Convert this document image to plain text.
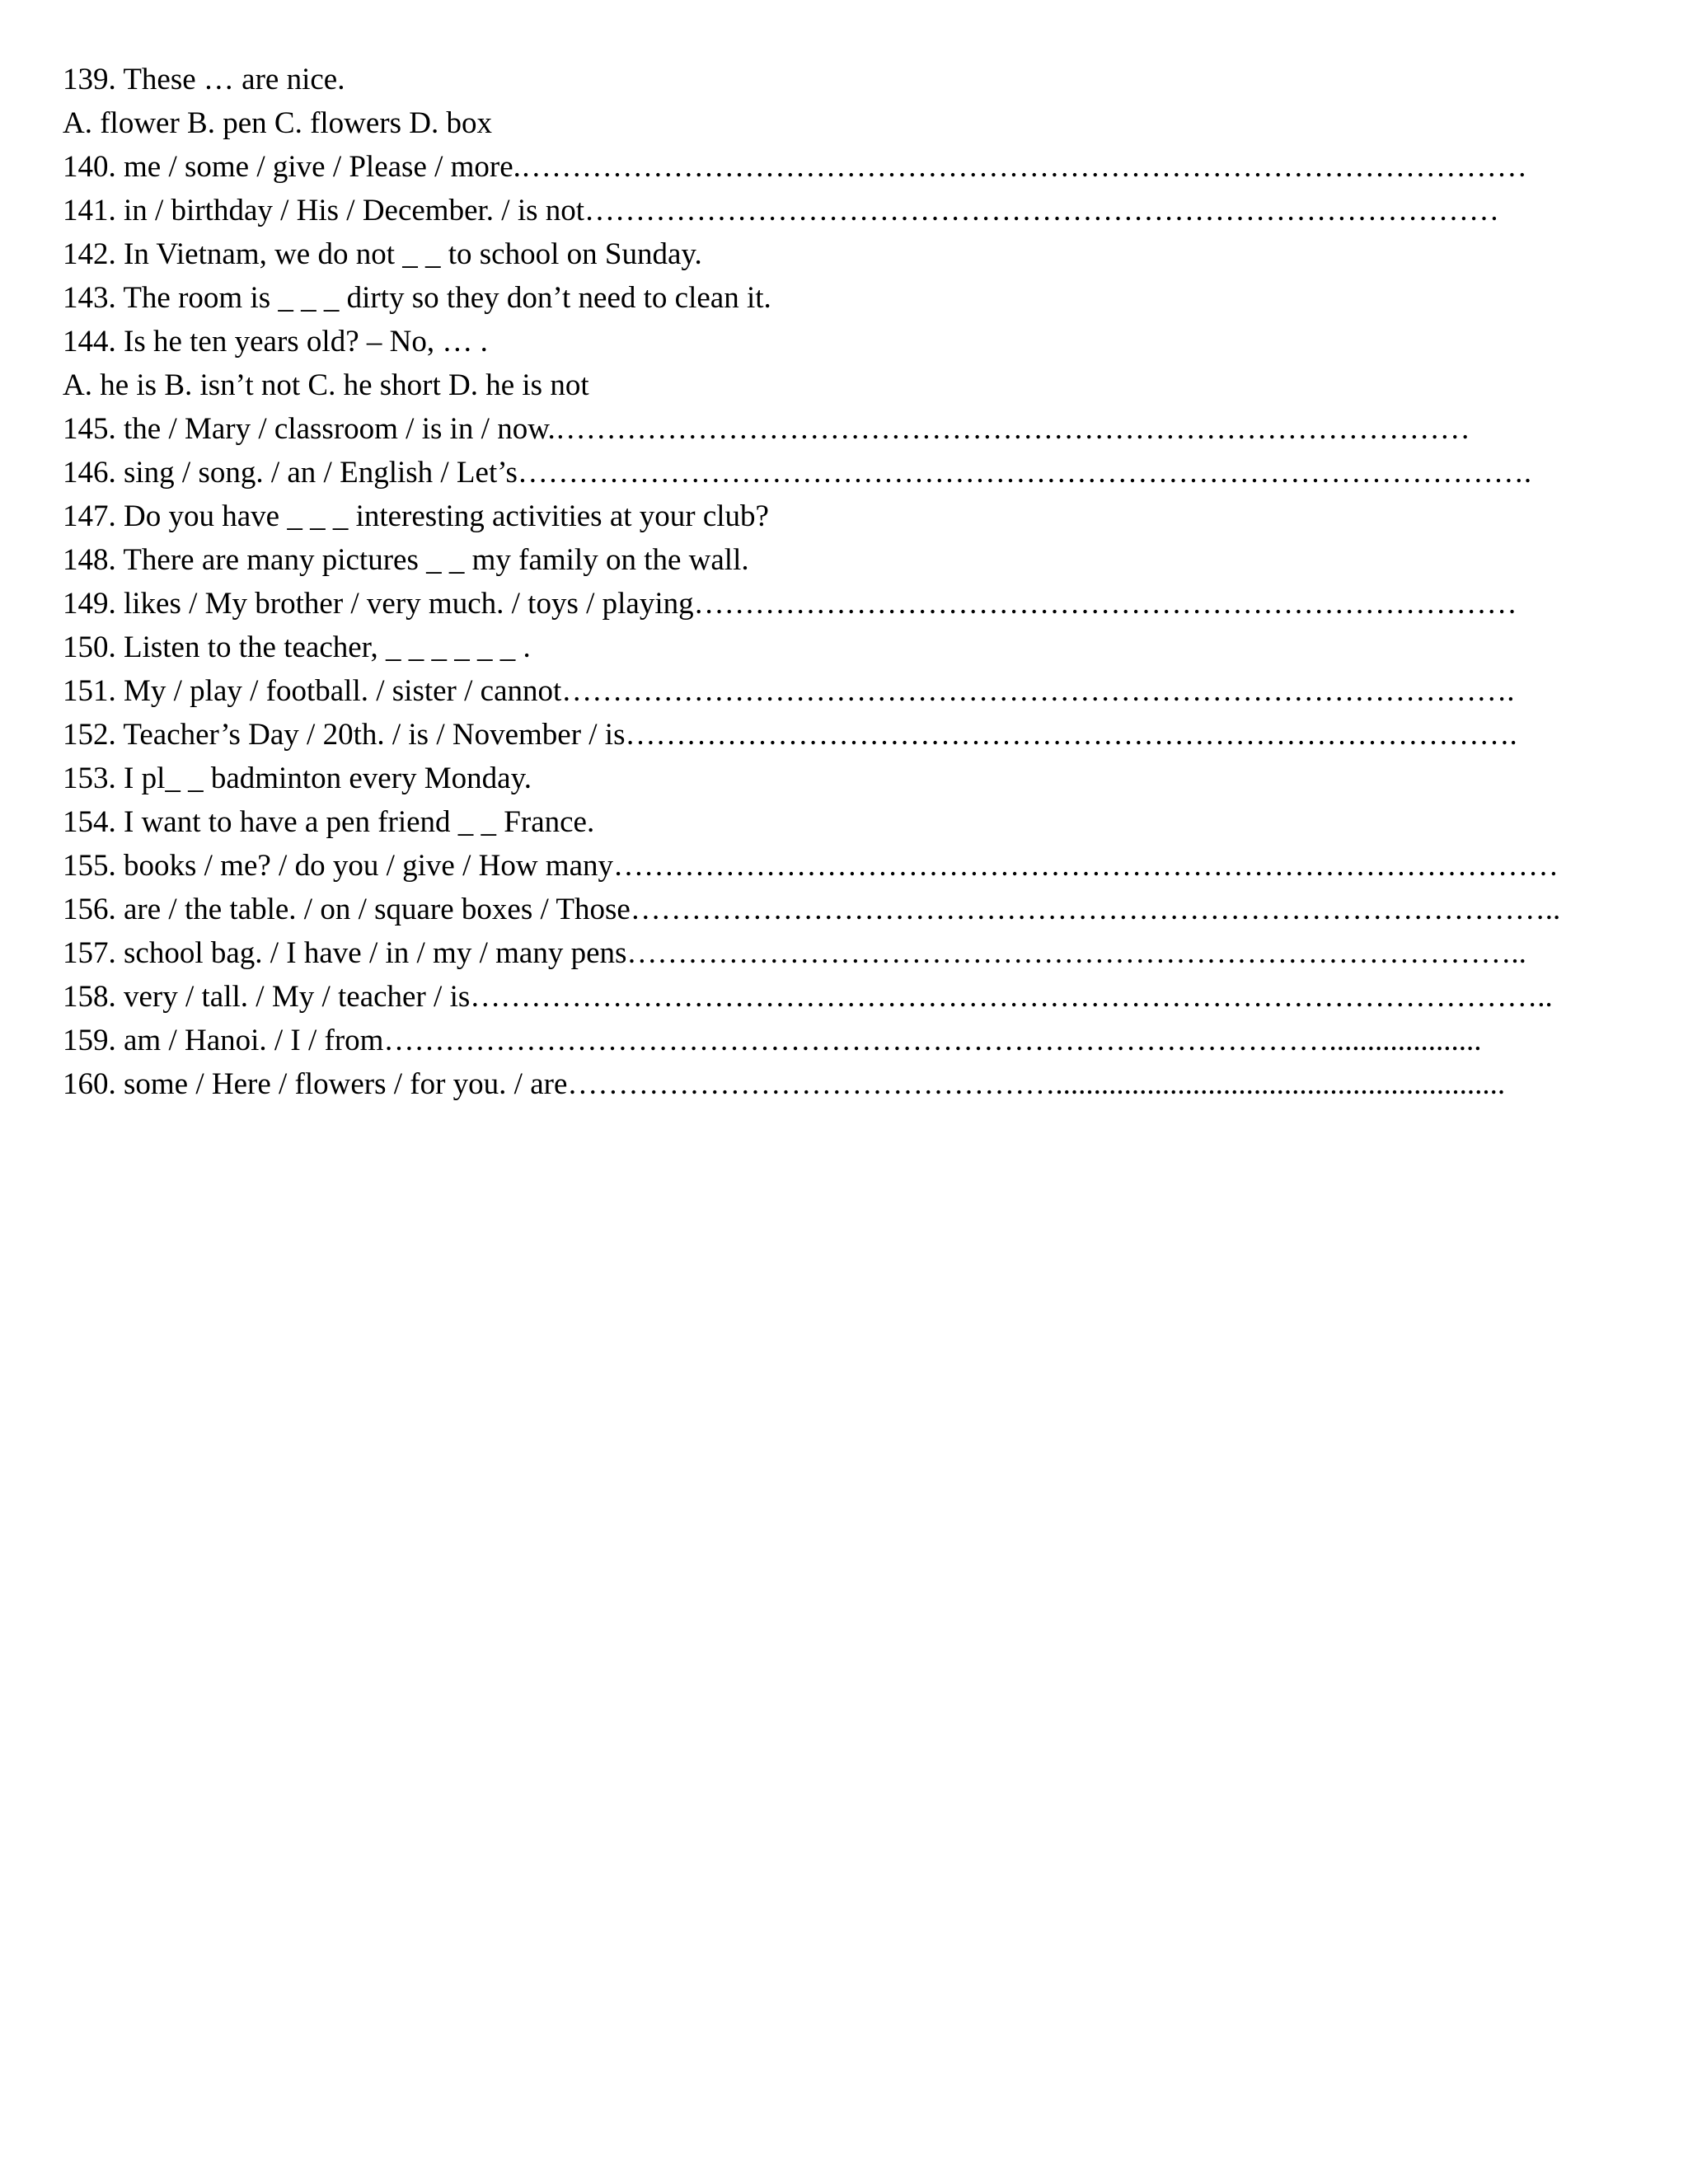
139. These … are nice.
A. flower B. pen C. flowers D. box
140. me / some / give / Please / more.………………………………………………………………………………………
141. in / birthday / His / December. / is not………………………………………………………………………………
142. In Vietnam, we do not _ _ to school on Sunday.
143. The room is _ _ _ dirty so they don’t need to clean it.
144. Is he ten years old? – No, … .
A. he is B. isn’t not C. he short D. he is not
145. the / Mary / classroom / is in / now.………………………………………………………………………………
146. sing / song. / an / English / Let’s……………………………………………………………………………………….
147. Do you have _ _ _ interesting activities at your club?
148. There are many pictures _ _ my family on the wall.
149. likes / My brother / very much. / toys / playing………………………………………………………………………
150. Listen to the teacher, _ _ _ _ _ _ .
151. My / play / football. / sister / cannot………………………………………………………………………………….
152. Teacher’s Day / 20th. / is / November / is…………………………………………………………………………….
153. I pl_ _ badminton every Monday.
154. I want to have a pen friend _ _ France.
155. books / me? / do you / give / How many…………………………………………………………………………………
156. are / the table. / on / square boxes / Those………………………………………………………………………………..
157. school bag. / I have / in / my / many pens……………………………………………………………………………..
158. very / tall. / My / teacher / is……………………………………………………………………………………………..
159. am / Hanoi. / I / from…………………………………………………………………………………....................
160. some / Here / flowers / for you. / are…………………………………………...........................................................
